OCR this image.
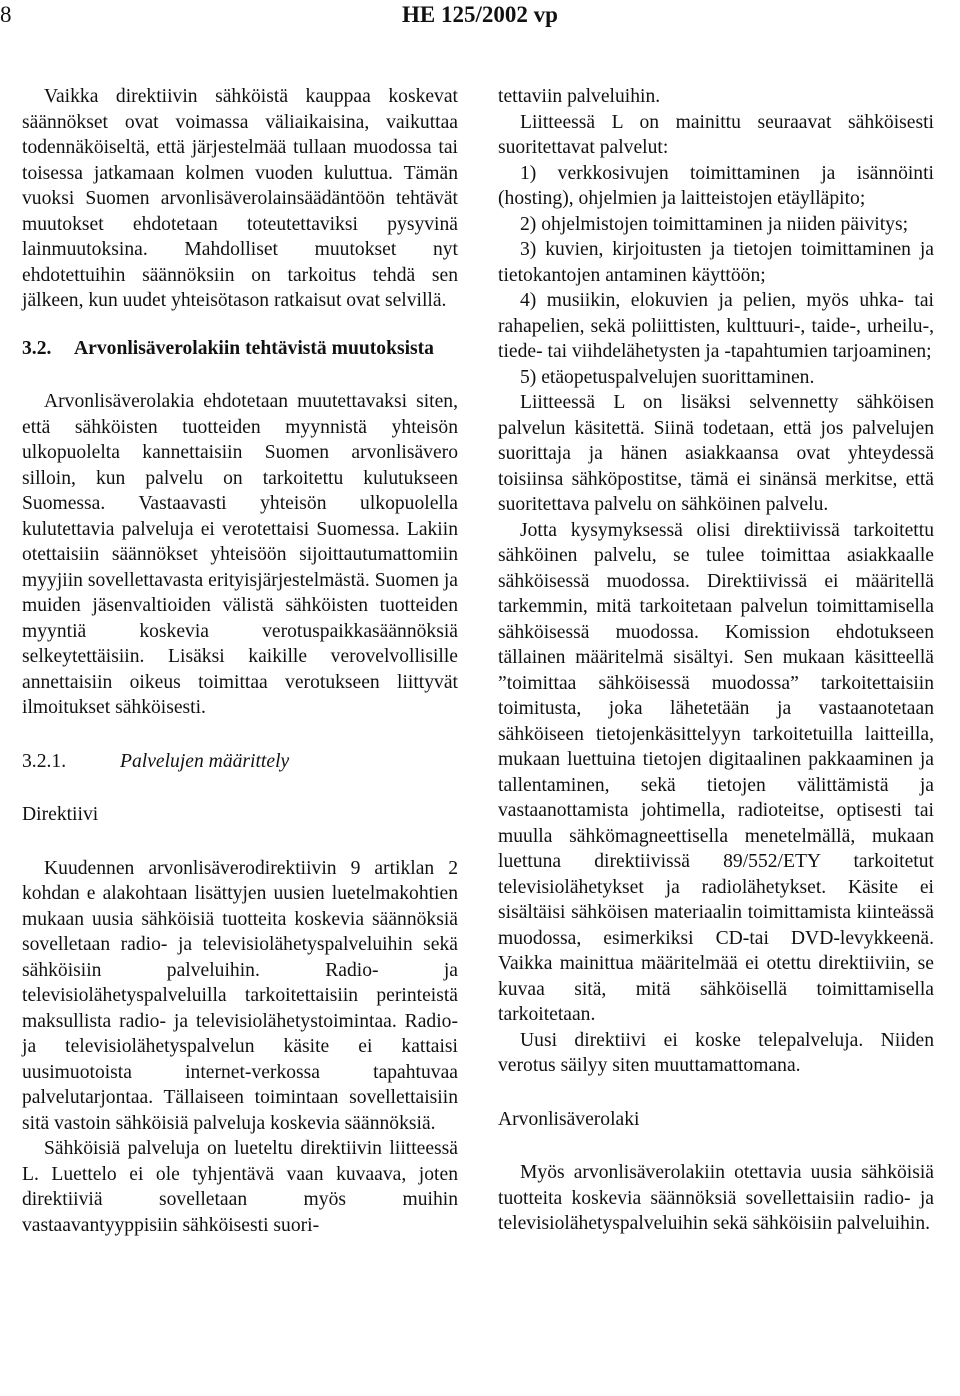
8	HE 125/2002 vp

Vaikka direktiivin sähköistä kauppaa koskevat säännökset ovat voimassa väliaikaisina, vaikuttaa todennäköiseltä, että järjestelmää tullaan muodossa tai toisessa jatkamaan kolmen vuoden kuluttua. Tämän vuoksi Suomen arvonlisäverolainsäädäntöön tehtävät muutokset ehdotetaan toteutettaviksi pysyvinä lainmuutoksina. Mahdolliset muutokset nyt ehdotettuihin säännöksiin on tarkoitus tehdä sen jälkeen, kun uudet yhteisötason ratkaisut ovat selvillä.

3.2.	Arvonlisäverolakiin tehtävistä muutoksista

Arvonlisäverolakia ehdotetaan muutettavaksi siten, että sähköisten tuotteiden myynnistä yhteisön ulkopuolelta kannettaisiin Suomen arvonlisävero silloin, kun palvelu on tarkoitettu kulutukseen Suomessa. Vastaavasti yhteisön ulkopuolella kulutettavia palveluja ei verotettaisi Suomessa. Lakiin otettaisiin säännökset yhteisöön sijoittautumattomiin myyjiin sovellettavasta erityisjärjestelmästä. Suomen ja muiden jäsenvaltioiden välistä sähköisten tuotteiden myyntiä koskevia verotuspaikkasäännöksiä selkeytettäisiin. Lisäksi kaikille verovelvollisille annettaisiin oikeus toimittaa verotukseen liittyvät ilmoitukset sähköisesti.

3.2.1.	Palvelujen määrittely

Direktiivi

Kuudennen arvonlisäverodirektiivin 9 artiklan 2 kohdan e alakohtaan lisättyjen uusien luetelmakohtien mukaan uusia sähköisiä tuotteita koskevia säännöksiä sovelletaan radio- ja televisiolähetyspalveluihin sekä sähköisiin palveluihin. Radio- ja televisiolähetyspalveluilla tarkoitettaisiin perinteistä maksullista radio- ja televisiolähetystoimintaa. Radio- ja televisiolähetyspalvelun käsite ei kattaisi uusimuotoista internet-verkossa tapahtuvaa palvelutarjontaa. Tällaiseen toimintaan sovellettaisiin sitä vastoin sähköisiä palveluja koskevia säännöksiä.

Sähköisiä palveluja on lueteltu direktiivin liitteessä L. Luettelo ei ole tyhjentävä vaan kuvaava, joten direktiiviä sovelletaan myös muihin vastaavantyyppisiin sähköisesti suori-

tettaviin palveluihin.

Liitteessä L on mainittu seuraavat sähköisesti suoritettavat palvelut:

1) verkkosivujen toimittaminen ja isännöinti (hosting), ohjelmien ja laitteistojen etäylläpito;

2) ohjelmistojen toimittaminen ja niiden päivitys;

3) kuvien, kirjoitusten ja tietojen toimittaminen ja tietokantojen antaminen käyttöön;

4) musiikin, elokuvien ja pelien, myös uhka- tai rahapelien, sekä poliittisten, kulttuuri-, taide-, urheilu-, tiede- tai viihdelähetysten ja -tapahtumien tarjoaminen;

5) etäopetuspalvelujen suorittaminen.

Liitteessä L on lisäksi selvennetty sähköisen palvelun käsitettä. Siinä todetaan, että jos palvelujen suorittaja ja hänen asiakkaansa ovat yhteydessä toisiinsa sähköpostitse, tämä ei sinänsä merkitse, että suoritettava palvelu on sähköinen palvelu.

Jotta kysymyksessä olisi direktiivissä tarkoitettu sähköinen palvelu, se tulee toimittaa asiakkaalle sähköisessä muodossa. Direktiivissä ei määritellä tarkemmin, mitä tarkoitetaan palvelun toimittamisella sähköisessä muodossa. Komission ehdotukseen tällainen määritelmä sisältyi. Sen mukaan käsitteellä ”toimittaa sähköisessä muodossa” tarkoitettaisiin toimitusta, joka lähetetään ja vastaanotetaan sähköiseen tietojenkäsittelyyn tarkoitetuilla laitteilla, mukaan luettuina tietojen digitaalinen pakkaaminen ja tallentaminen, sekä tietojen välittämistä ja vastaanottamista johtimella, radioteitse, optisesti tai muulla sähkömagneettisella menetelmällä, mukaan luettuna direktiivissä 89/552/ETY tarkoitetut televisiolähetykset ja radiolähetykset. Käsite ei sisältäisi sähköisen materiaalin toimittamista kiinteässä muodossa, esimerkiksi CD-tai DVD-levykkeenä. Vaikka mainittua määritelmää ei otettu direktiiviin, se kuvaa sitä, mitä sähköisellä toimittamisella tarkoitetaan.

Uusi direktiivi ei koske telepalveluja. Niiden verotus säilyy siten muuttamattomana.

Arvonlisäverolaki

Myös arvonlisäverolakiin otettavia uusia sähköisiä tuotteita koskevia säännöksiä sovellettaisiin radio- ja televisiolähetyspalveluihin sekä sähköisiin palveluihin.
